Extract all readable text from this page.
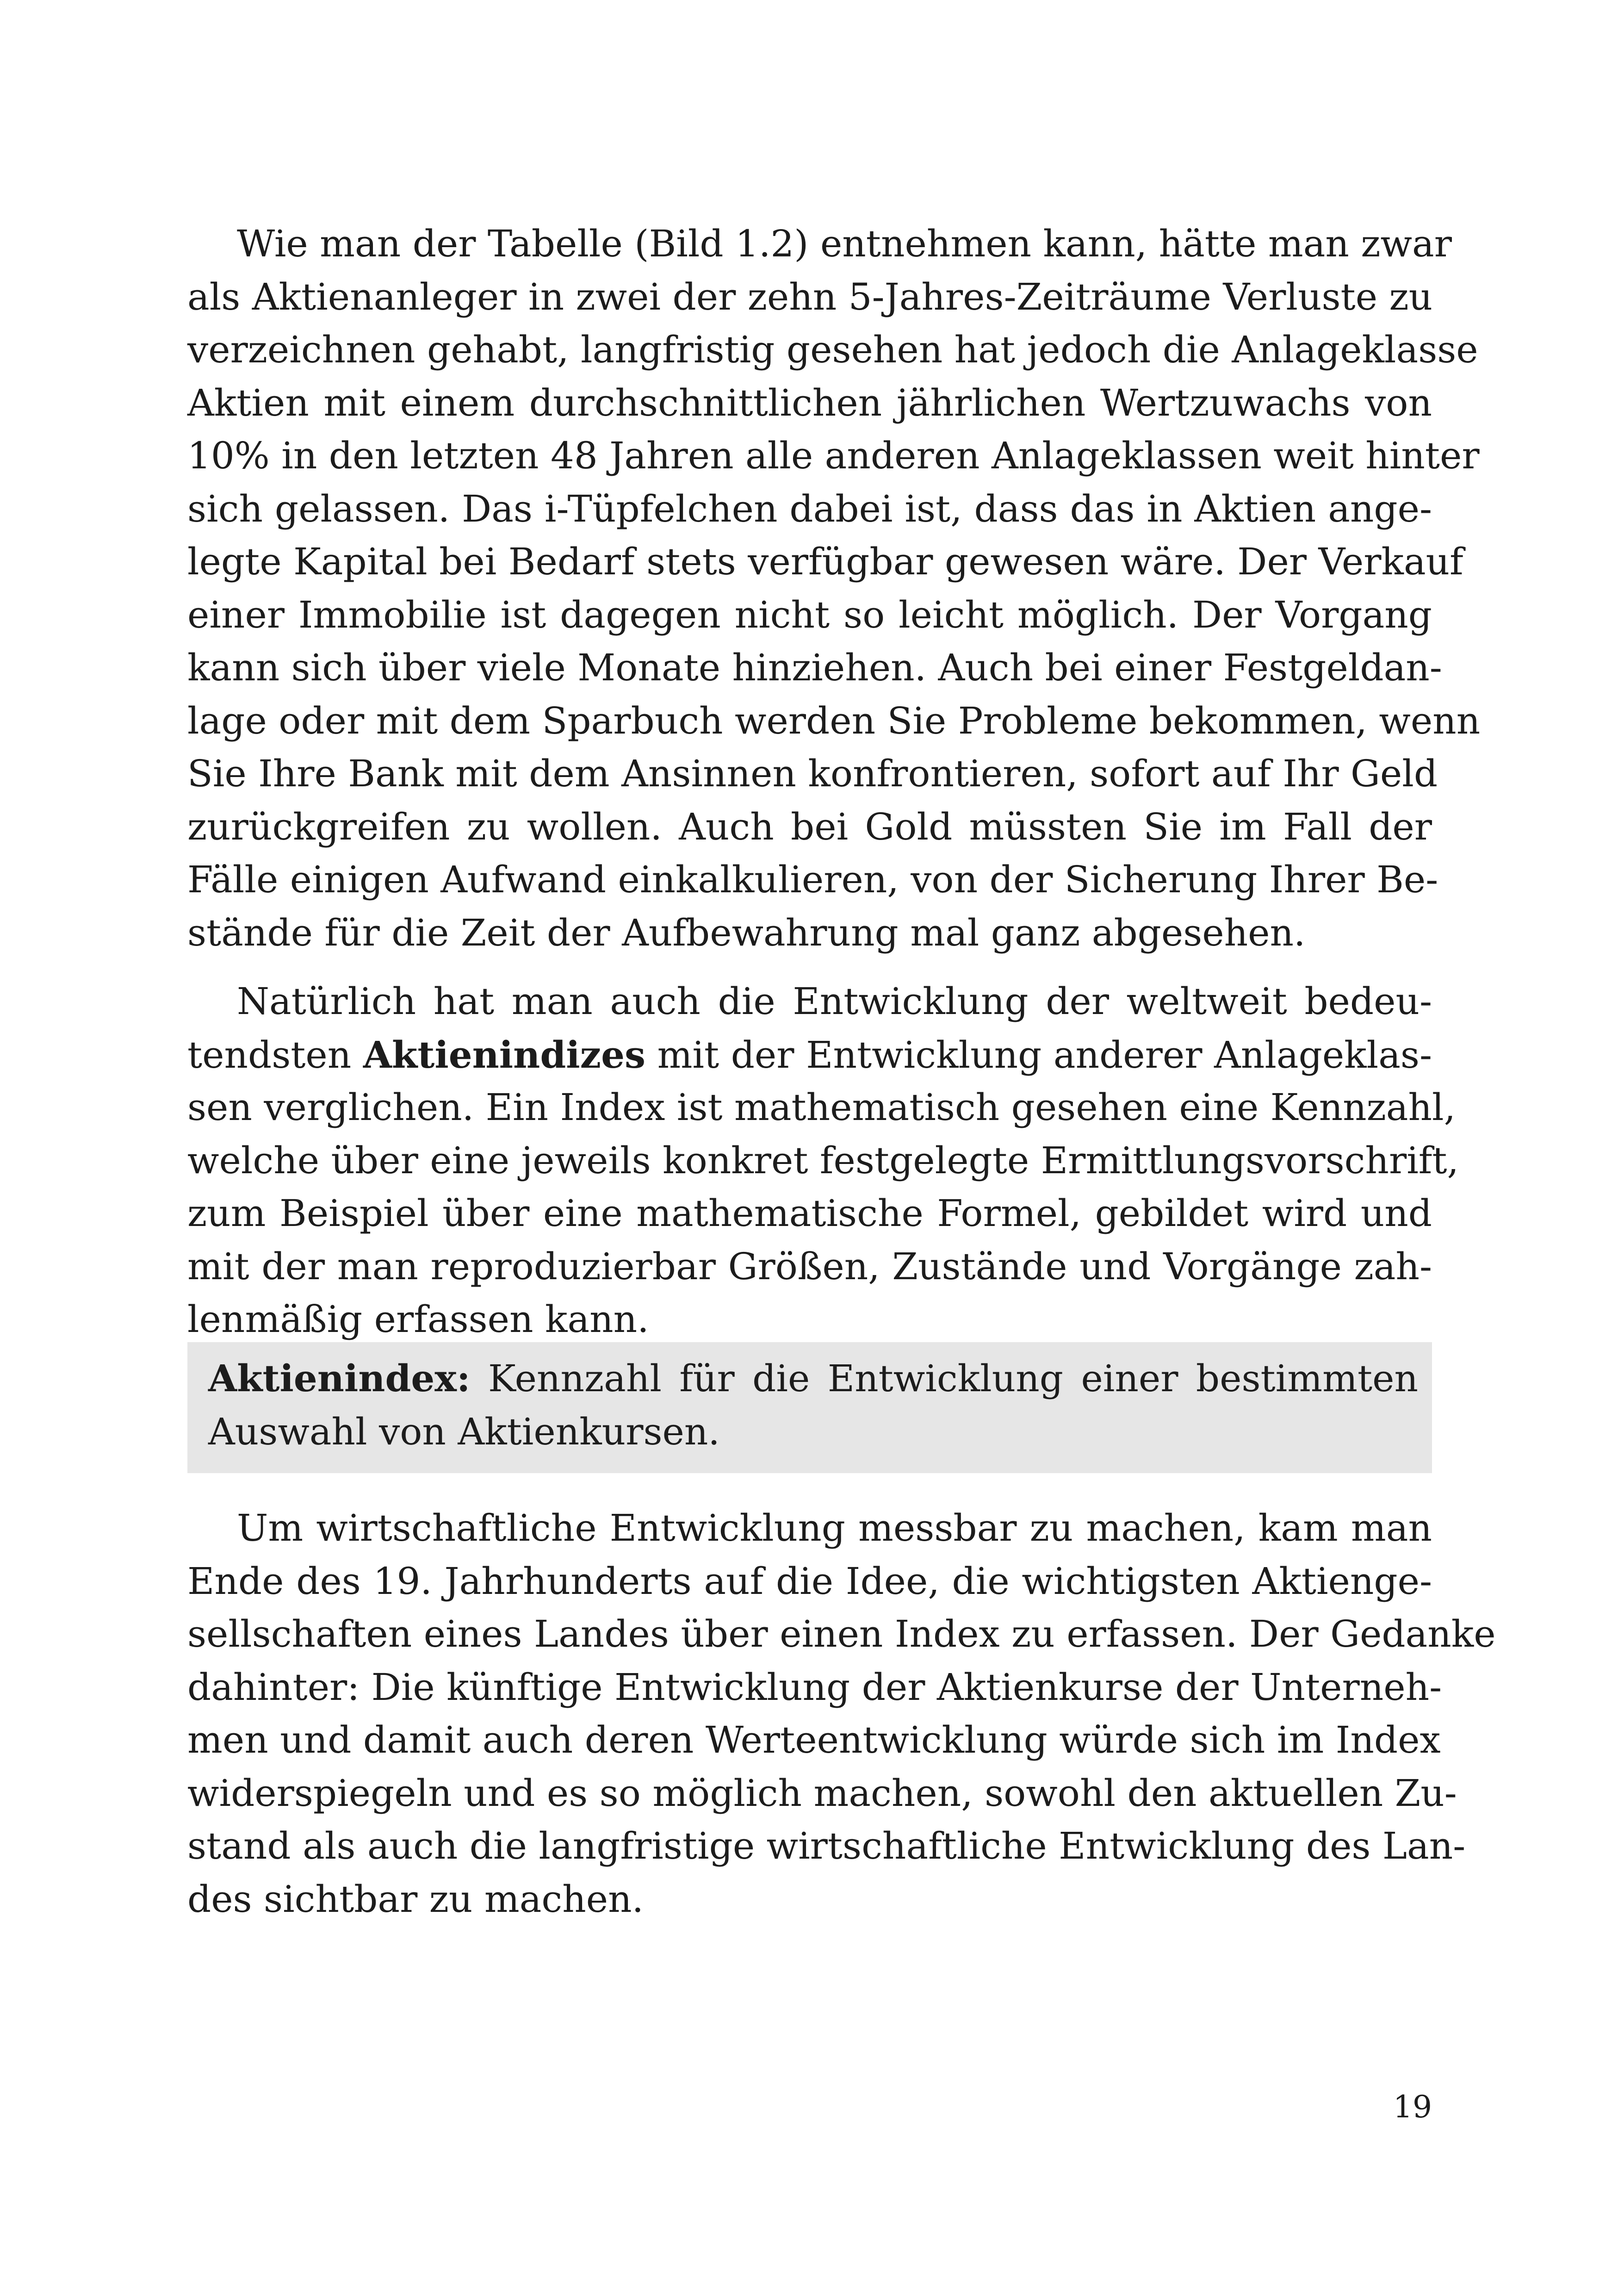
Wie man der Tabelle (Bild 1.2) entnehmen kann, hätte man zwar
als Aktienanleger in zwei der zehn 5-Jahres-Zeiträume Verluste zu
verzeichnen gehabt, langfristig gesehen hat jedoch die Anlageklasse
Aktien mit einem durchschnittlichen jährlichen Wertzuwachs von
10% in den letzten 48 Jahren alle anderen Anlageklassen weit hinter
sich gelassen. Das i-Tüpfelchen dabei ist, dass das in Aktien ange-
legte Kapital bei Bedarf stets verfügbar gewesen wäre. Der Verkauf
einer Immobilie ist dagegen nicht so leicht möglich. Der Vorgang
kann sich über viele Monate hinziehen. Auch bei einer Festgeldan-
lage oder mit dem Sparbuch werden Sie Probleme bekommen, wenn
Sie Ihre Bank mit dem Ansinnen konfrontieren, sofort auf Ihr Geld
zurückgreifen zu wollen. Auch bei Gold müssten Sie im Fall der
Fälle einigen Aufwand einkalkulieren, von der Sicherung Ihrer Be-
stände für die Zeit der Aufbewahrung mal ganz abgesehen.
Natürlich hat man auch die Entwicklung der weltweit bedeu-
tendsten Aktienindizes mit der Entwicklung anderer Anlageklas-
sen verglichen. Ein Index ist mathematisch gesehen eine Kennzahl,
welche über eine jeweils konkret festgelegte Ermittlungsvorschrift,
zum Beispiel über eine mathematische Formel, gebildet wird und
mit der man reproduzierbar Größen, Zustände und Vorgänge zah-
lenmäßig erfassen kann.
Aktienindex: Kennzahl für die Entwicklung einer bestimmten
Auswahl von Aktienkursen.
Um wirtschaftliche Entwicklung messbar zu machen, kam man
Ende des 19. Jahrhunderts auf die Idee, die wichtigsten Aktienge-
sellschaften eines Landes über einen Index zu erfassen. Der Gedanke
dahinter: Die künftige Entwicklung der Aktienkurse der Unterneh-
men und damit auch deren Werteentwicklung würde sich im Index
widerspiegeln und es so möglich machen, sowohl den aktuellen Zu-
stand als auch die langfristige wirtschaftliche Entwicklung des Lan-
des sichtbar zu machen.
19
